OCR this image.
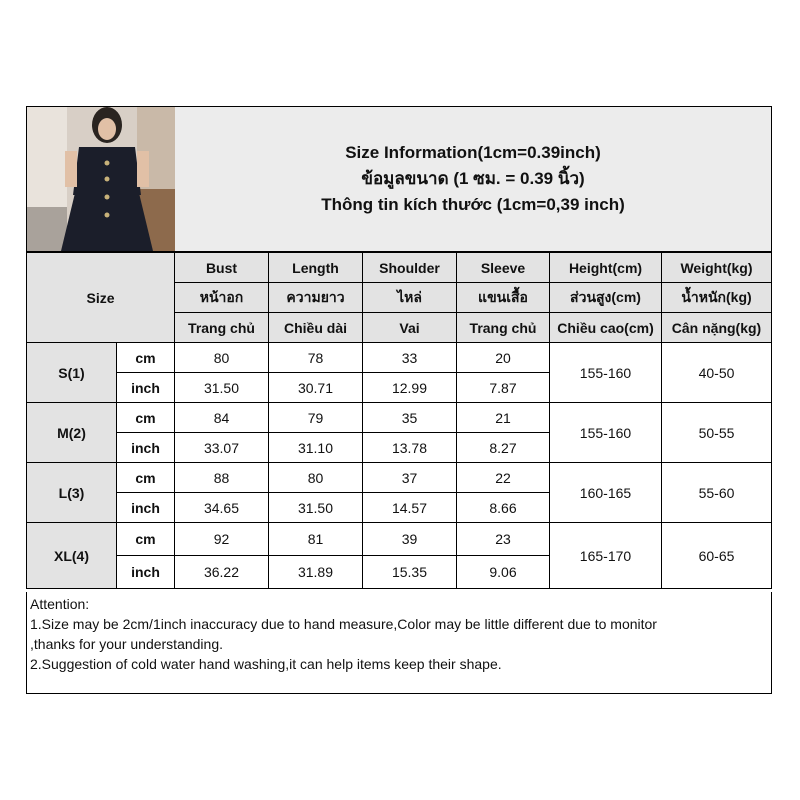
Size Information(1cm=0.39inch)
ข้อมูลขนาด (1 ซม. = 0.39 นิ้ว)
Thông tin kích thước (1cm=0,39 inch)
Size		Bust	Length	Shoulder	Sleeve	Height(cm)	Weight(kg)
		หน้าอก	ความยาว	ไหล่	แขนเสื้อ	ส่วนสูง(cm)	น้ำหนัก(kg)
		Trang chủ	Chiều dài	Vai	Trang chủ	Chiều cao(cm)	Cân nặng(kg)
S(1)	cm	80	78	33	20	155-160	40-50
	inch	31.50	30.71	12.99	7.87		
M(2)	cm	84	79	35	21	155-160	50-55
	inch	33.07	31.10	13.78	8.27		
L(3)	cm	88	80	37	22	160-165	55-60
	inch	34.65	31.50	14.57	8.66		
XL(4)	cm	92	81	39	23	165-170	60-65
	inch	36.22	31.89	15.35	9.06		
Attention:
1.Size may be 2cm/1inch inaccuracy due to hand measure,Color may be little different due to monitor
,thanks for your understanding.
2.Suggestion of cold water hand washing,it can help items keep their shape.
